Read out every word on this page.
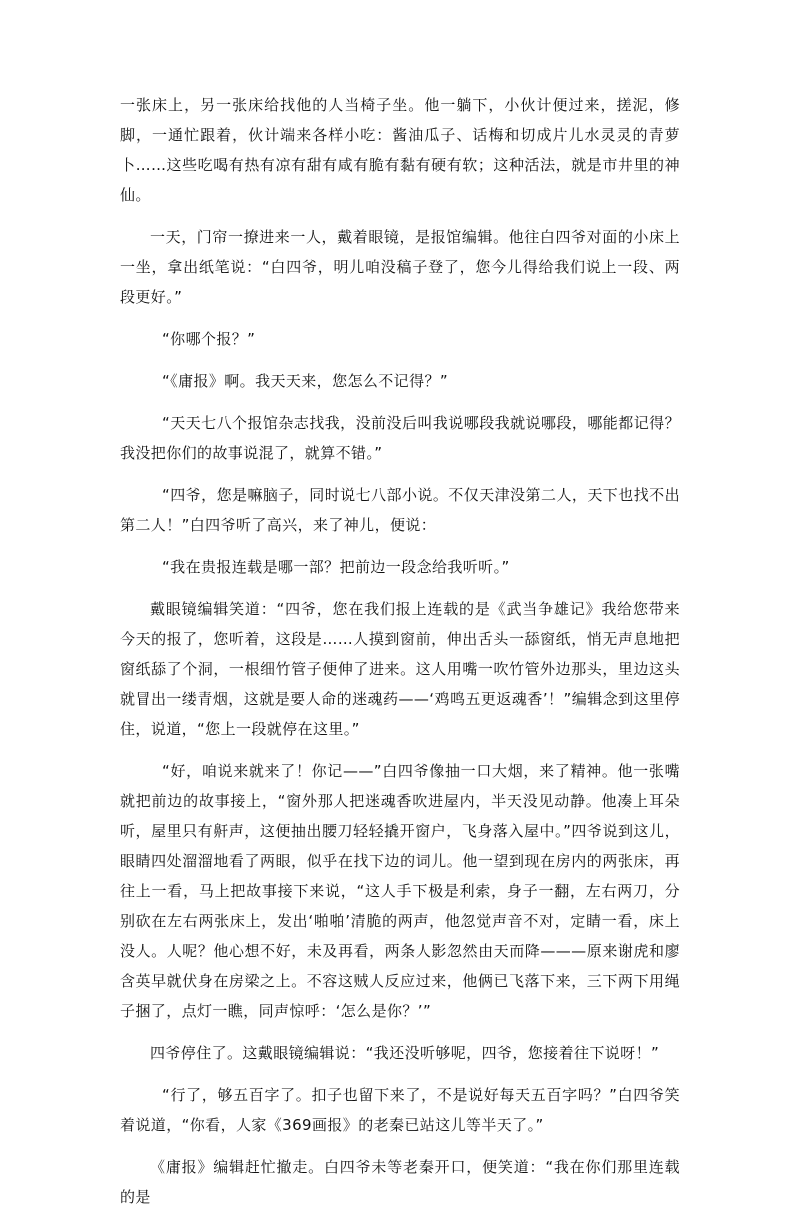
一张床上，另一张床给找他的人当椅子坐。他一躺下，小伙计便过来，搓泥，修脚，一通忙跟着，伙计端来各样小吃：酱油瓜子、话梅和切成片儿水灵灵的青萝卜……这些吃喝有热有凉有甜有咸有脆有黏有硬有软；这种活法，就是市井里的神仙。

一天，门帘一撩进来一人，戴着眼镜，是报馆编辑。他往白四爷对面的小床上一坐，拿出纸笔说：“白四爷，明儿咱没稿子登了，您今儿得给我们说上一段、两段更好。”

“你哪个报？”

“《庸报》啊。我天天来，您怎么不记得？”

“天天七八个报馆杂志找我，没前没后叫我说哪段我就说哪段，哪能都记得？我没把你们的故事说混了，就算不错。”

“四爷，您是嘛脑子，同时说七八部小说。不仅天津没第二人，天下也找不出第二人！”白四爷听了高兴，来了神儿，便说：

“我在贵报连载是哪一部？把前边一段念给我听听。”

戴眼镜编辑笑道：“四爷，您在我们报上连载的是《武当争雄记》我给您带来今天的报了，您听着，这段是……人摸到窗前，伸出舌头一舔窗纸，悄无声息地把窗纸舔了个洞，一根细竹管子便伸了进来。这人用嘴一吹竹管外边那头，里边这头就冒出一缕青烟，这就是要人命的迷魂药——‘鸡鸣五更返魂香’！”编辑念到这里停住，说道，“您上一段就停在这里。”

“好，咱说来就来了！你记——”白四爷像抽一口大烟，来了精神。他一张嘴就把前边的故事接上，“窗外那人把迷魂香吹进屋内，半天没见动静。他凑上耳朵听，屋里只有鼾声，这便抽出腰刀轻轻撬开窗户，飞身落入屋中。”四爷说到这儿，眼睛四处溜溜地看了两眼，似乎在找下边的词儿。他一望到现在房内的两张床，再往上一看，马上把故事接下来说，“这人手下极是利索，身子一翻，左右两刀，分别砍在左右两张床上，发出‘啪啪’清脆的两声，他忽觉声音不对，定睛一看，床上没人。人呢？他心想不好，未及再看，两条人影忽然由天而降———原来谢虎和廖含英早就伏身在房梁之上。不容这贼人反应过来，他俩已飞落下来，三下两下用绳子捆了，点灯一瞧，同声惊呼：‘怎么是你？’”

四爷停住了。这戴眼镜编辑说：“我还没听够呢，四爷，您接着往下说呀！”

“行了，够五百字了。扣子也留下来了，不是说好每天五百字吗？”白四爷笑着说道，“你看，人家《369画报》的老秦已站这儿等半天了。”

《庸报》编辑赶忙撤走。白四爷未等老秦开口，便笑道：“我在你们那里连载的是
